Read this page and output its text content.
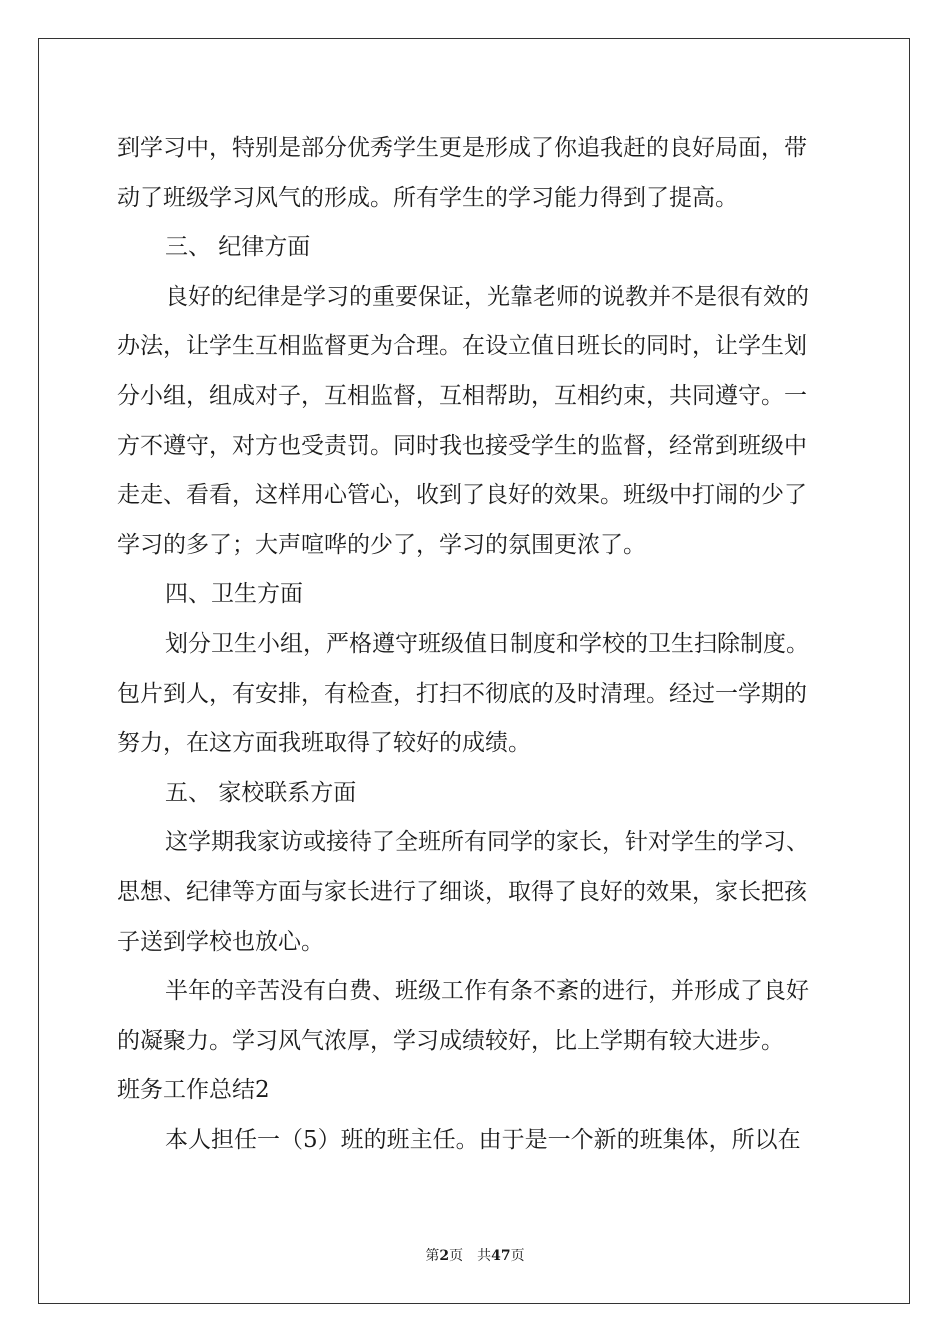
到学习中，特别是部分优秀学生更是形成了你追我赶的良好局面，带
动了班级学习风气的形成。所有学生的学习能力得到了提高。
三、 纪律方面
良好的纪律是学习的重要保证，光靠老师的说教并不是很有效的
办法，让学生互相监督更为合理。在设立值日班长的同时，让学生划
分小组，组成对子，互相监督，互相帮助，互相约束，共同遵守。一
方不遵守，对方也受责罚。同时我也接受学生的监督，经常到班级中
走走、看看，这样用心管心，收到了良好的效果。班级中打闹的少了
学习的多了；大声喧哗的少了，学习的氛围更浓了。
四、卫生方面
划分卫生小组，严格遵守班级值日制度和学校的卫生扫除制度。
包片到人，有安排，有检查，打扫不彻底的及时清理。经过一学期的
努力，在这方面我班取得了较好的成绩。
五、 家校联系方面
这学期我家访或接待了全班所有同学的家长，针对学生的学习、
思想、纪律等方面与家长进行了细谈，取得了良好的效果，家长把孩
子送到学校也放心。
半年的辛苦没有白费、班级工作有条不紊的进行，并形成了良好
的凝聚力。学习风气浓厚，学习成绩较好，比上学期有较大进步。
班务工作总结2
本人担任一（5）班的班主任。由于是一个新的班集体，所以在
第2页 共47页
